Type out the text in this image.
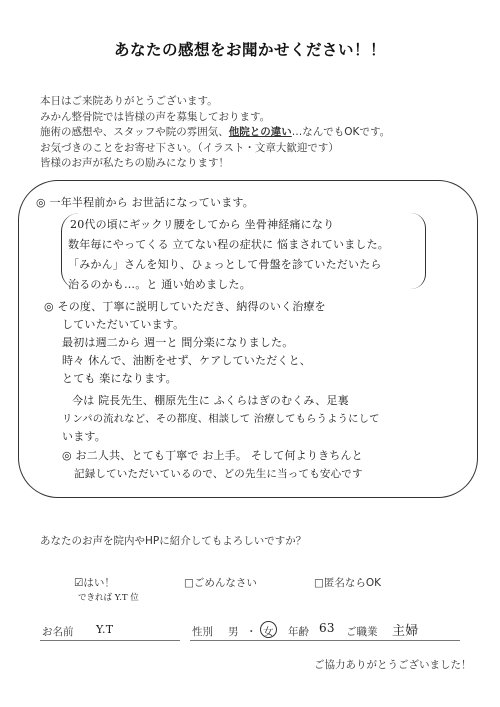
あなたの感想をお聞かせください！！
本日はご来院ありがとうございます。
みかん整骨院では皆様の声を募集しております。
施術の感想や、スタッフや院の雰囲気、他院との違い…なんでもOKです。
お気づきのことをお寄せ下さい。（イラスト・文章大歓迎です）
皆様のお声が私たちの励みになります！
◎ 一年半程前から お世話になっています。
20代の頃にギックリ腰をしてから 坐骨神経痛になり
数年毎にやってくる 立てない程の症状に 悩まされていました。
「みかん」さんを知り、ひょっとして骨盤を診ていただいたら
治るのかも…。と 通い始めました。
◎ その度、丁寧に説明していただき、納得のいく治療を
していただいています。
最初は週二から 週一と 間分楽になりました。
時々 休んで、油断をせず、ケアしていただくと、
とても 楽になります。
今は 院長先生、棚原先生に ふくらはぎのむくみ、足裏
リンパの流れなど、その都度、相談して 治療してもらうようにして
います。
◎ お二人共、とても丁寧で お上手。 そして何よりきちんと
記録していただいているので、どの先生に当っても安心です
あなたのお声を院内やHPに紹介してもよろしいですか？
☑はい！
できれば Y.T 位
□ごめんなさい	□匿名ならOK
お名前 Y.T	性別 男 ・ 女 年齢 63 ご職業 主婦
ご協力ありがとうございました！
